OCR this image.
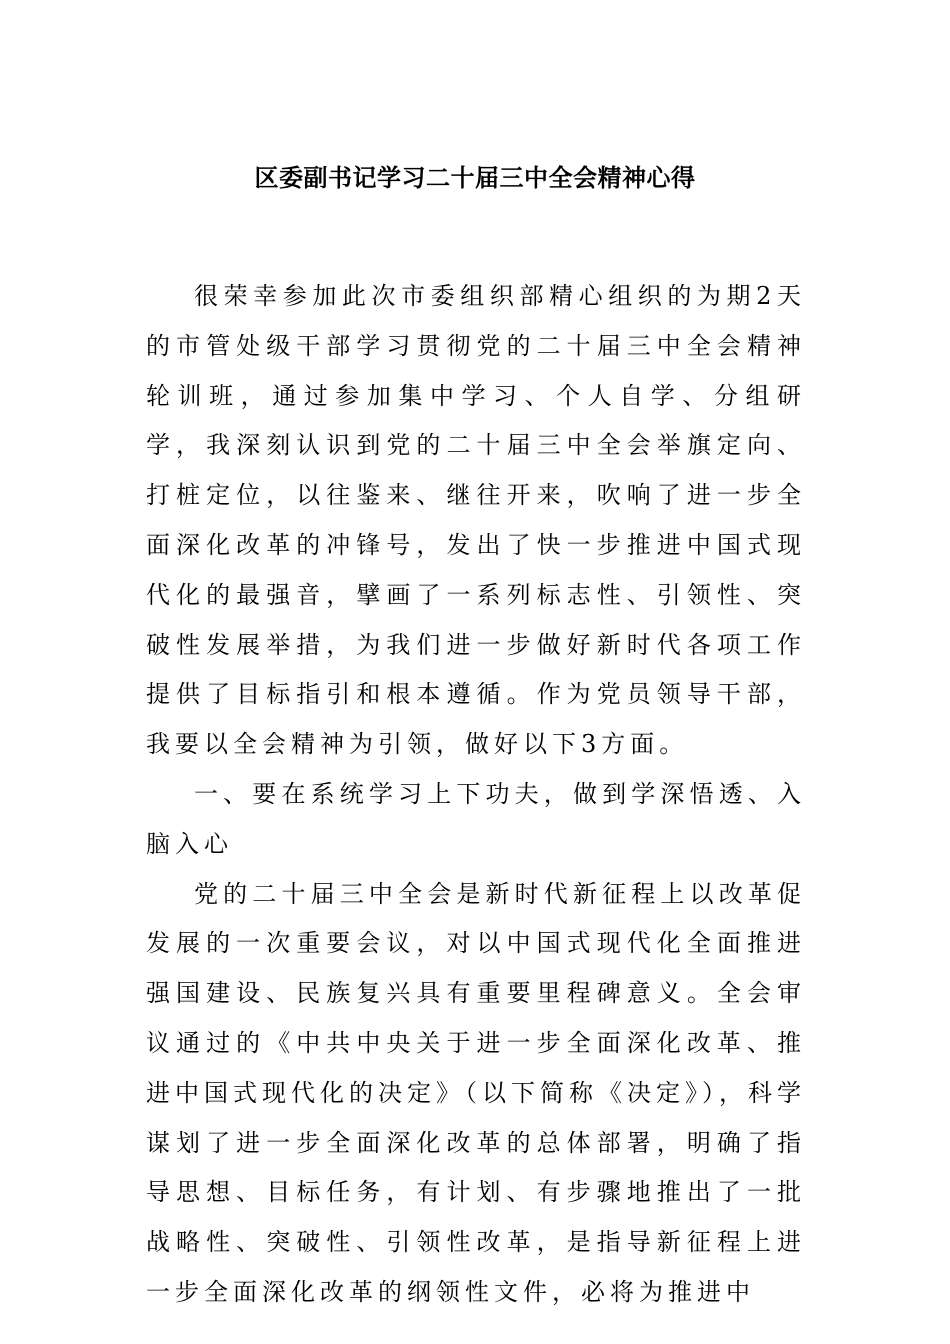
区委副书记学习二十届三中全会精神心得

很荣幸参加此次市委组织部精心组织的为期2天的市管处级干部学习贯彻党的二十届三中全会精神轮训班，通过参加集中学习、个人自学、分组研学，我深刻认识到党的二十届三中全会举旗定向、打桩定位，以往鉴来、继往开来，吹响了进一步全面深化改革的冲锋号，发出了快一步推进中国式现代化的最强音，擘画了一系列标志性、引领性、突破性发展举措，为我们进一步做好新时代各项工作提供了目标指引和根本遵循。作为党员领导干部，我要以全会精神为引领，做好以下3方面。

一、要在系统学习上下功夫，做到学深悟透、入脑入心

党的二十届三中全会是新时代新征程上以改革促发展的一次重要会议，对以中国式现代化全面推进强国建设、民族复兴具有重要里程碑意义。全会审议通过的《中共中央关于进一步全面深化改革、推进中国式现代化的决定》（以下简称《决定》），科学谋划了进一步全面深化改革的总体部署，明确了指导思想、目标任务，有计划、有步骤地推出了一批战略性、突破性、引领性改革，是指导新征程上进一步全面深化改革的纲领性文件，必将为推进中
